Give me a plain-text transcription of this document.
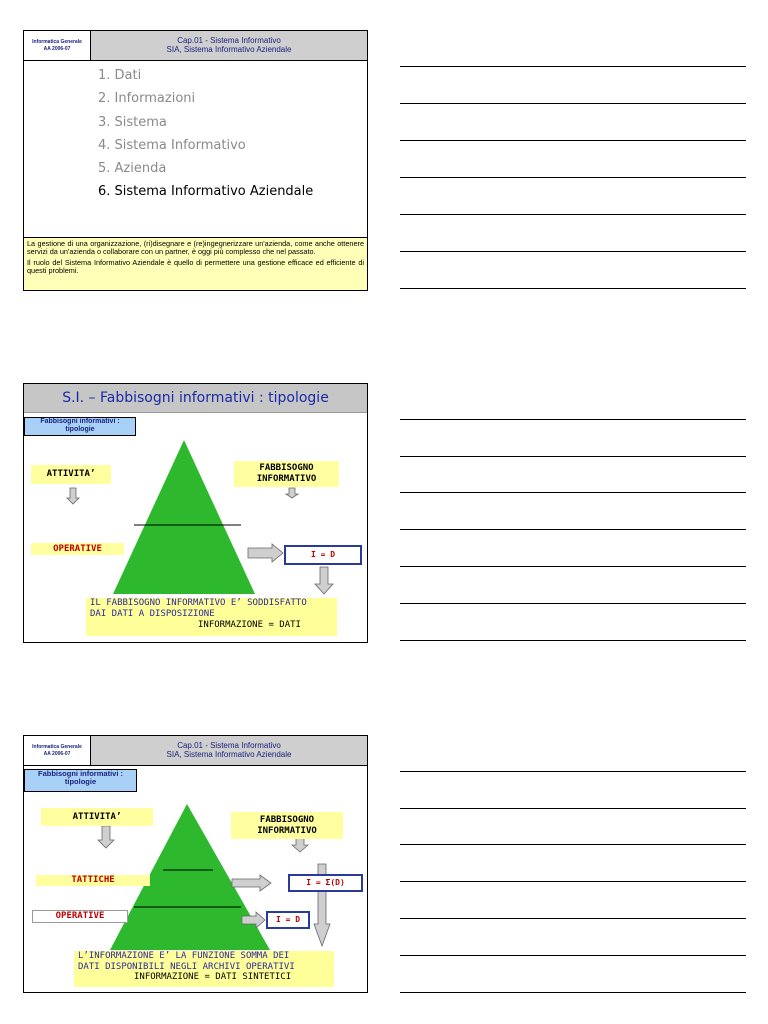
Informatica Generale
AA 2006-07
Cap.01 - Sistema Informativo
SIA, Sistema Informativo Aziendale
1. Dati
2. Informazioni
3. Sistema
4. Sistema Informativo
5. Azienda
6. Sistema Informativo Aziendale

La gestione di una organizzazione, (ri)disegnare e (re)ingegnerizzare un'azienda, come anche ottenere servizi da un'azienda o collaborare con un partner, è oggi più complesso che nel passato.

Il ruolo del Sistema Informativo Aziendale è quello di permettere una gestione efficace ed efficiente di questi problemi.

S.I. – Fabbisogni informativi : tipologie
Fabbisogni informativi : tipologie
ATTIVITA’
FABBISOGNO
INFORMATIVO
OPERATIVE
I = D
IL FABBISOGNO INFORMATIVO E’ SODDISFATTO
DAI DATI A DISPOSIZIONE
INFORMAZIONE = DATI
Informatica Generale
AA 2006-07
Cap.01 - Sistema Informativo
SIA, Sistema Informativo Aziendale
Fabbisogni informativi : tipologie
ATTIVITA’	FABBISOGNO
INFORMATIVO
TATTICHE	I = Σ(D)
OPERATIVE	I = D
L’INFORMAZIONE E’ LA FUNZIONE SOMMA DEI
DATI DISPONIBILI NEGLI ARCHIVI OPERATIVI
INFORMAZIONE = DATI SINTETICI
